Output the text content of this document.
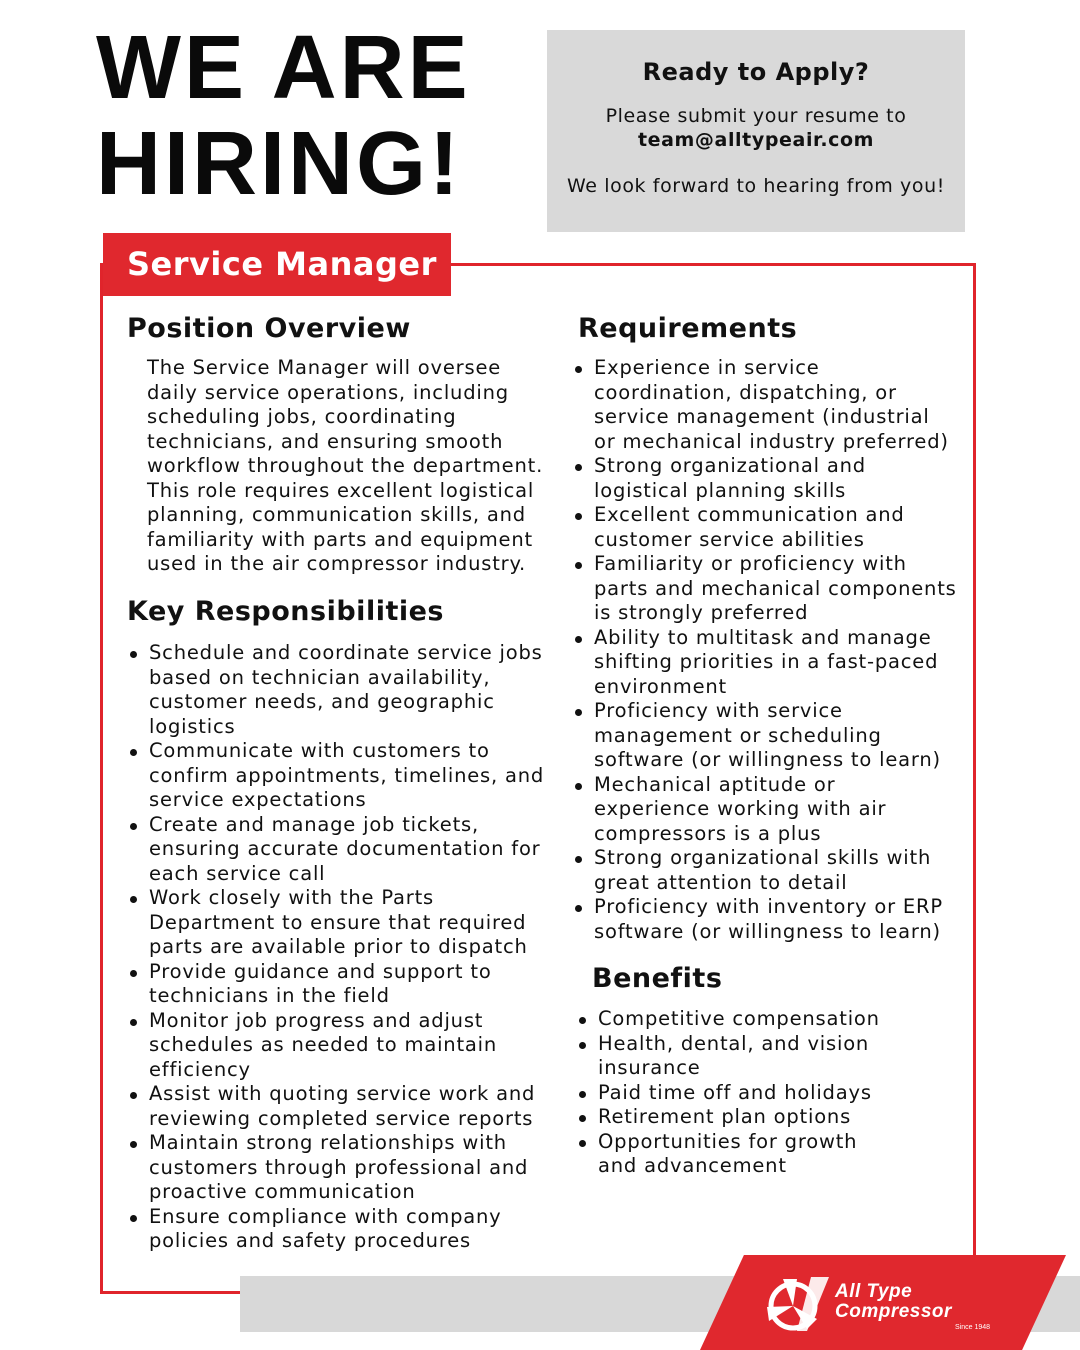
WE ARE
HIRING!

Ready to Apply?

Please submit your resume to

team@alltypeair.com

We look forward to hearing from you!

Service Manager
Position Overview

The Service Manager will oversee daily service operations, including scheduling jobs, coordinating technicians, and ensuring smooth workflow throughout the department. This role requires excellent logistical planning, communication skills, and familiarity with parts and equipment used in the air compressor industry.

Key Responsibilities
Schedule and coordinate service jobs based on technician availability, customer needs, and geographic logistics
Communicate with customers to confirm appointments, timelines, and service expectations
Create and manage job tickets, ensuring accurate documentation for each service call
Work closely with the Parts Department to ensure that required parts are available prior to dispatch
Provide guidance and support to technicians in the field
Monitor job progress and adjust schedules as needed to maintain efficiency
Assist with quoting service work and reviewing completed service reports
Maintain strong relationships with customers through professional and proactive communication
Ensure compliance with company policies and safety procedures
Requirements
Experience in service coordination, dispatching, or service management (industrial or mechanical industry preferred)
Strong organizational and logistical planning skills
Excellent communication and customer service abilities
Familiarity or proficiency with parts and mechanical components is strongly preferred
Ability to multitask and manage shifting priorities in a fast-paced environment
Proficiency with service management or scheduling software (or willingness to learn)
Mechanical aptitude or experience working with air compressors is a plus
Strong organizational skills with great attention to detail
Proficiency with inventory or ERP software (or willingness to learn)
Benefits
Competitive compensation
Health, dental, and vision insurance
Paid time off and holidays
Retirement plan options
Opportunities for growth and advancement
All Type
Compressor
Since 1948
